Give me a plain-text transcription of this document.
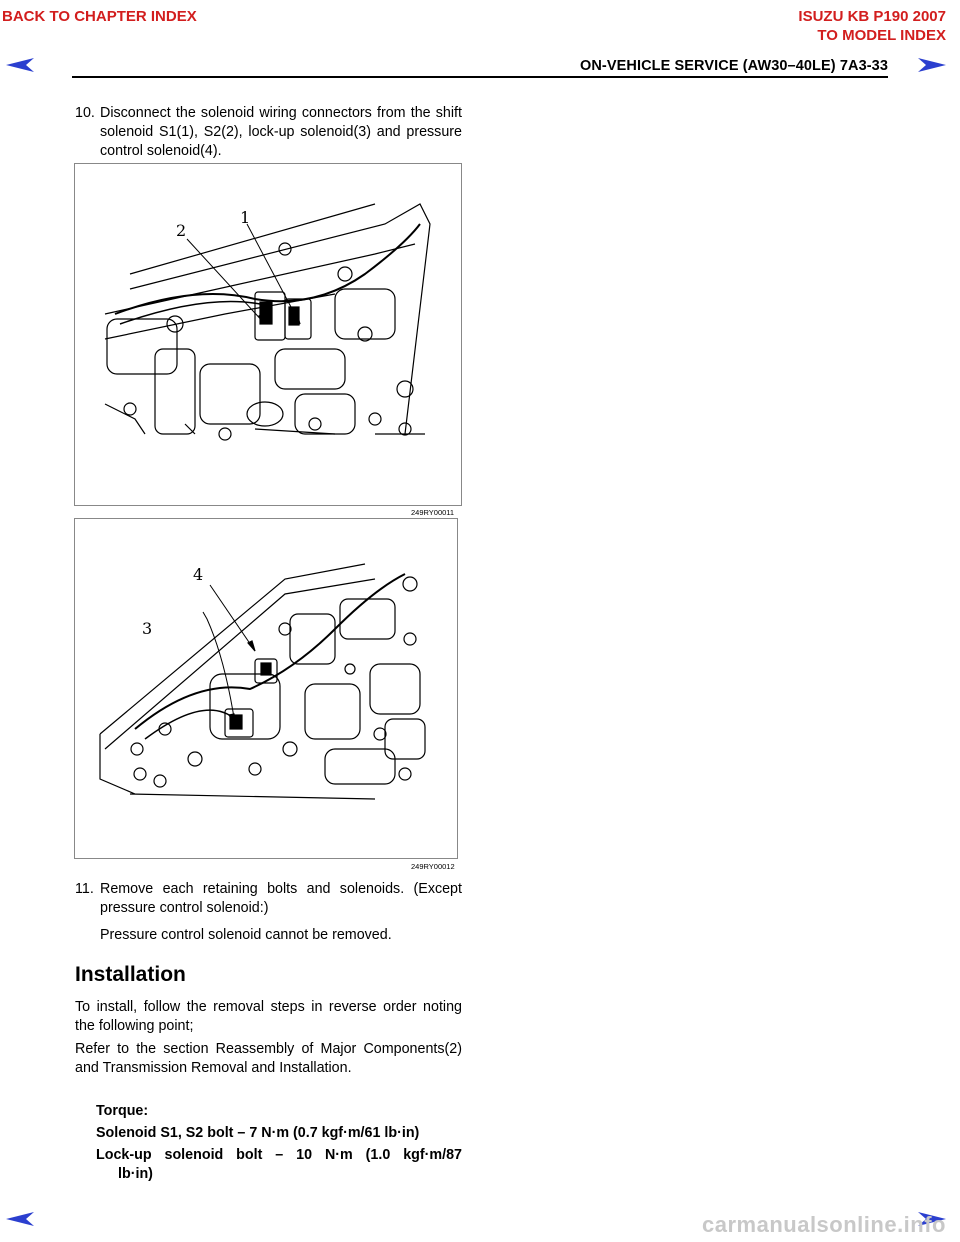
BACK TO CHAPTER INDEX	ISUZU KB P190 2007
TO MODEL INDEX
ON-VEHICLE SERVICE (AW30–40LE) 7A3-33
10. Disconnect the solenoid wiring connectors from the shift solenoid S1(1), S2(2), lock-up solenoid(3) and pressure control solenoid(4).
1
2
249RY00011
4
3
249RY00012
11. Remove each retaining bolts and solenoids. (Except pressure control solenoid:)
Pressure control solenoid cannot be removed.
Installation
To install, follow the removal steps in reverse order noting the following point;
Refer to the section Reassembly of Major Components(2) and Transmission Removal and Installation.
Torque:
Solenoid S1, S2 bolt – 7 N·m (0.7 kgf·m/61 lb·in)
Lock-up solenoid bolt – 10 N·m (1.0 kgf·m/87
lb·in)
carmanualsonline.info
